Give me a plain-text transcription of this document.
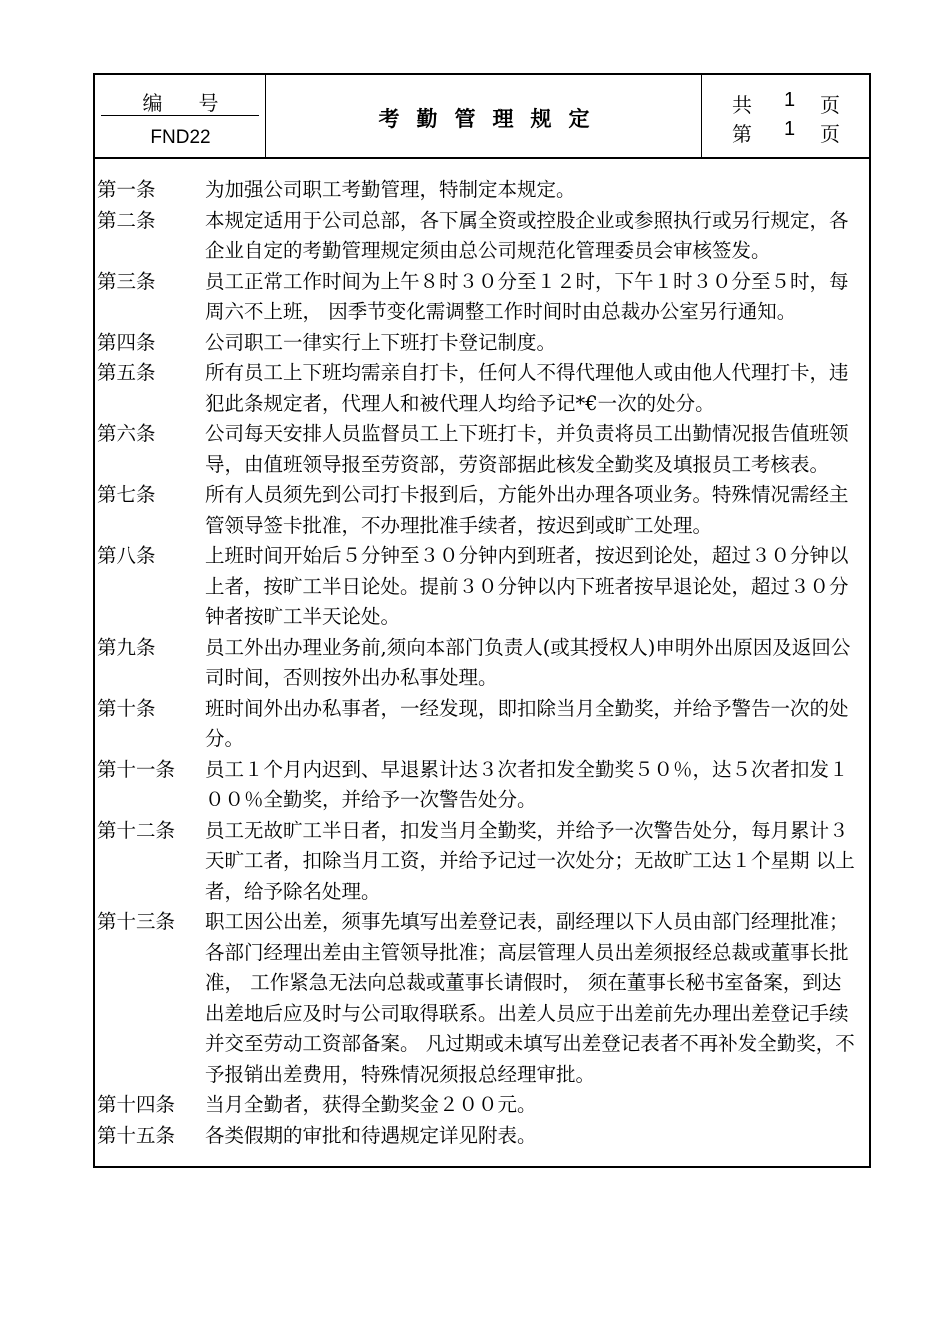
编号
FND22
考勤管理规定
共 1 页
第 1 页
第一条	为加强公司职工考勤管理，特制定本规定。
第二条	本规定适用于公司总部，各下属全资或控股企业或参照执行或另行规定，各企业自定的考勤管理规定须由总公司规范化管理委员会审核签发。
第三条	员工正常工作时间为上午８时３０分至１２时，下午１时３０分至５时，每周六不上班， 因季节变化需调整工作时间时由总裁办公室另行通知。
第四条	公司职工一律实行上下班打卡登记制度。
第五条	所有员工上下班均需亲自打卡，任何人不得代理他人或由他人代理打卡，违犯此条规定者，代理人和被代理人均给予记*€一次的处分。
第六条	公司每天安排人员监督员工上下班打卡，并负责将员工出勤情况报告值班领导，由值班领导报至劳资部，劳资部据此核发全勤奖及填报员工考核表。
第七条	所有人员须先到公司打卡报到后，方能外出办理各项业务。特殊情况需经主管领导签卡批准，不办理批准手续者，按迟到或旷工处理。
第八条	上班时间开始后５分钟至３０分钟内到班者，按迟到论处，超过３０分钟以上者，按旷工半日论处。提前３０分钟以内下班者按早退论处，超过３０分钟者按旷工半天论处。
第九条	员工外出办理业务前,须向本部门负责人(或其授权人)申明外出原因及返回公司时间，否则按外出办私事处理。
第十条	班时间外出办私事者，一经发现，即扣除当月全勤奖，并给予警告一次的处分。
第十一条 员工１个月内迟到、早退累计达３次者扣发全勤奖５０％，达５次者扣发１００％全勤奖，并给予一次警告处分。
第十二条 员工无故旷工半日者，扣发当月全勤奖，并给予一次警告处分，每月累计３天旷工者，扣除当月工资，并给予记过一次处分；无故旷工达１个星期 以上者，给予除名处理。
第十三条 职工因公出差，须事先填写出差登记表，副经理以下人员由部门经理批准；各部门经理出差由主管领导批准；高层管理人员出差须报经总裁或董事长批准， 工作紧急无法向总裁或董事长请假时， 须在董事长秘书室备案，到达出差地后应及时与公司取得联系。出差人员应于出差前先办理出差登记手续并交至劳动工资部备案。 凡过期或未填写出差登记表者不再补发全勤奖，不予报销出差费用，特殊情况须报总经理审批。
第十四条 当月全勤者，获得全勤奖金２００元。
第十五条 各类假期的审批和待遇规定详见附表。
